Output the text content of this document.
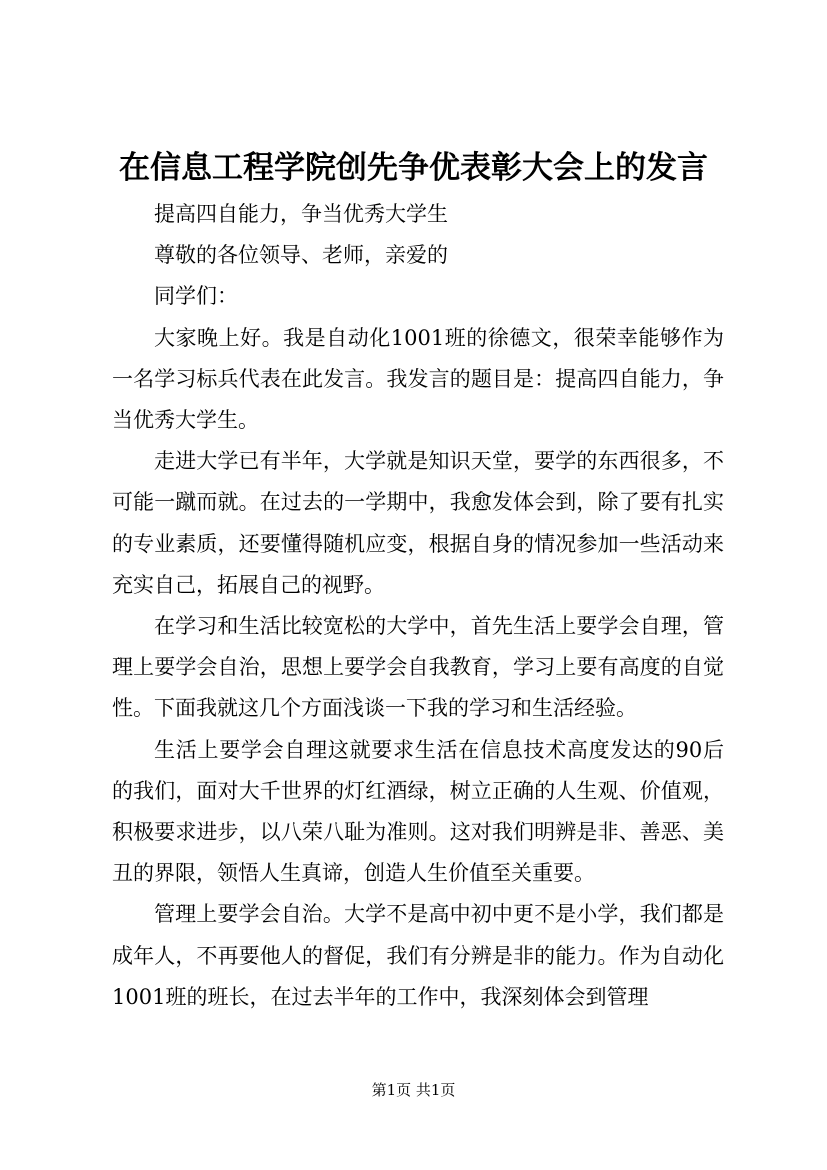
在信息工程学院创先争优表彰大会上的发言

提高四自能力，争当优秀大学生

尊敬的各位领导、老师，亲爱的

同学们：

大家晚上好。我是自动化1001班的徐德文，很荣幸能够作为一名学习标兵代表在此发言。我发言的题目是：提高四自能力，争当优秀大学生。

走进大学已有半年，大学就是知识天堂，要学的东西很多，不可能一蹴而就。在过去的一学期中，我愈发体会到，除了要有扎实的专业素质，还要懂得随机应变，根据自身的情况参加一些活动来充实自己，拓展自己的视野。

在学习和生活比较宽松的大学中，首先生活上要学会自理，管理上要学会自治，思想上要学会自我教育，学习上要有高度的自觉性。下面我就这几个方面浅谈一下我的学习和生活经验。

生活上要学会自理这就要求生活在信息技术高度发达的90后的我们，面对大千世界的灯红酒绿，树立正确的人生观、价值观，积极要求进步，以八荣八耻为准则。这对我们明辨是非、善恶、美丑的界限，领悟人生真谛，创造人生价值至关重要。

管理上要学会自治。大学不是高中初中更不是小学，我们都是成年人，不再要他人的督促，我们有分辨是非的能力。作为自动化1001班的班长，在过去半年的工作中，我深刻体会到管理

第1页 共1页
